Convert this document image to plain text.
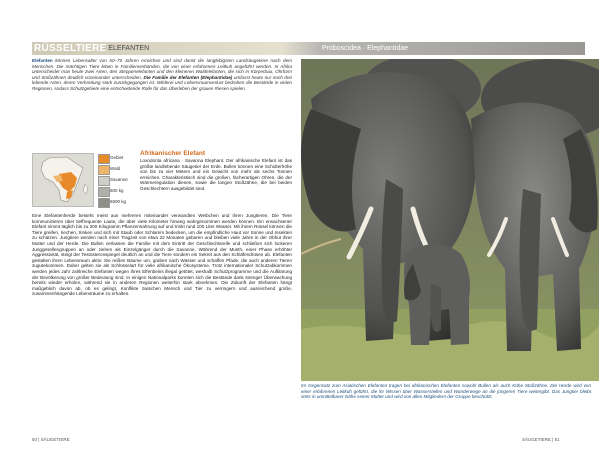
RÜSSELTIERE
· ELEFANTEN	Proboscidea · Elephantidae
Elefanten können Lebensalter von 60–70 Jahren erreichen und sind damit die langlebigsten Landsäugetiere nach dem Menschen. Die mächtigen Tiere leben in Familienverbänden, die von einer erfahrenen Leitkuh angeführt werden. In Afrika unterscheidet man heute zwei Arten, den Steppenelefanten und den kleineren Waldelefanten, die sich in Körperbau, Ohrform und Stoßzähnen deutlich voneinander unterscheiden. Die Familie der Elefanten (Elephantidae) umfasst heute nur noch drei lebende Arten, deren Verbreitung stark zurückgegangen ist. Wilderei und Lebensraumverlust bedrohen die Bestände in vielen Regionen, sodass Schutzgebiete eine entscheidende Rolle für das Überleben der grauen Riesen spielen.
Gebiet
Wald
Savanne
800 kg
6500 kg
Afrikanischer Elefant
Loxodonta africana · Savanna Elephant. Der afrikanische Elefant ist das größte landlebende Säugetier der Erde. Bullen können eine Schulterhöhe von bis zu vier Metern und ein Gewicht von mehr als sechs Tonnen erreichen. Charakteristisch sind die großen, fächerartigen Ohren, die der Wärmeregulation dienen, sowie die langen Stoßzähne, die bei beiden Geschlechtern ausgebildet sind.
Eine Elefantenherde besteht meist aus mehreren miteinander verwandten Weibchen und ihren Jungtieren. Die Tiere kommunizieren über tieffrequente Laute, die über viele Kilometer hinweg wahrgenommen werden können. Ein erwachsener Elefant nimmt täglich bis zu 200 Kilogramm Pflanzennahrung auf und trinkt rund 100 Liter Wasser. Mit ihrem Rüssel können die Tiere greifen, riechen, trinken und sich mit Staub oder Schlamm bedecken, um die empfindliche Haut vor Sonne und Insekten zu schützen. Jungtiere werden nach einer Tragzeit von etwa 22 Monaten geboren und bleiben viele Jahre in der Obhut ihrer Mutter und der Herde. Die Bullen verlassen die Familie mit dem Eintritt der Geschlechtsreife und schließen sich lockeren Junggesellengruppen an oder ziehen als Einzelgänger durch die Savanne. Während der Musth, einer Phase erhöhter Aggressivität, steigt der Testosteronspiegel deutlich an und die Tiere sondern ein Sekret aus den Schläfendrüsen ab. Elefanten gestalten ihren Lebensraum aktiv: Sie reißen Bäume um, graben nach Wasser und schaffen Pfade, die auch anderen Tieren zugutekommen. Daher gelten sie als Schlüsselart für viele afrikanische Ökosysteme. Trotz internationaler Schutzabkommen werden jedes Jahr zahlreiche Elefanten wegen ihres Elfenbeins illegal getötet, weshalb Schutzprogramme und die Aufklärung der Bevölkerung von großer Bedeutung sind. In einigen Nationalparks konnten sich die Bestände dank strenger Überwachung bereits wieder erholen, während sie in anderen Regionen weiterhin stark abnehmen. Die Zukunft der Elefanten hängt maßgeblich davon ab, ob es gelingt, Konflikte zwischen Mensch und Tier zu verringern und ausreichend große, zusammenhängende Lebensräume zu erhalten.
Im Gegensatz zum Asiatischen Elefanten tragen bei afrikanischen Elefanten sowohl Bullen als auch Kühe Stoßzähne. Die Herde wird von einer erfahrenen Leitkuh geführt, die ihr Wissen über Wasserstellen und Wanderwege an die jüngeren Tiere weitergibt. Das Jungtier bleibt stets in unmittelbarer Nähe seiner Mutter und wird von allen Mitgliedern der Gruppe beschützt.
50 | SÄUGETIERE	SÄUGETIERE | 51
